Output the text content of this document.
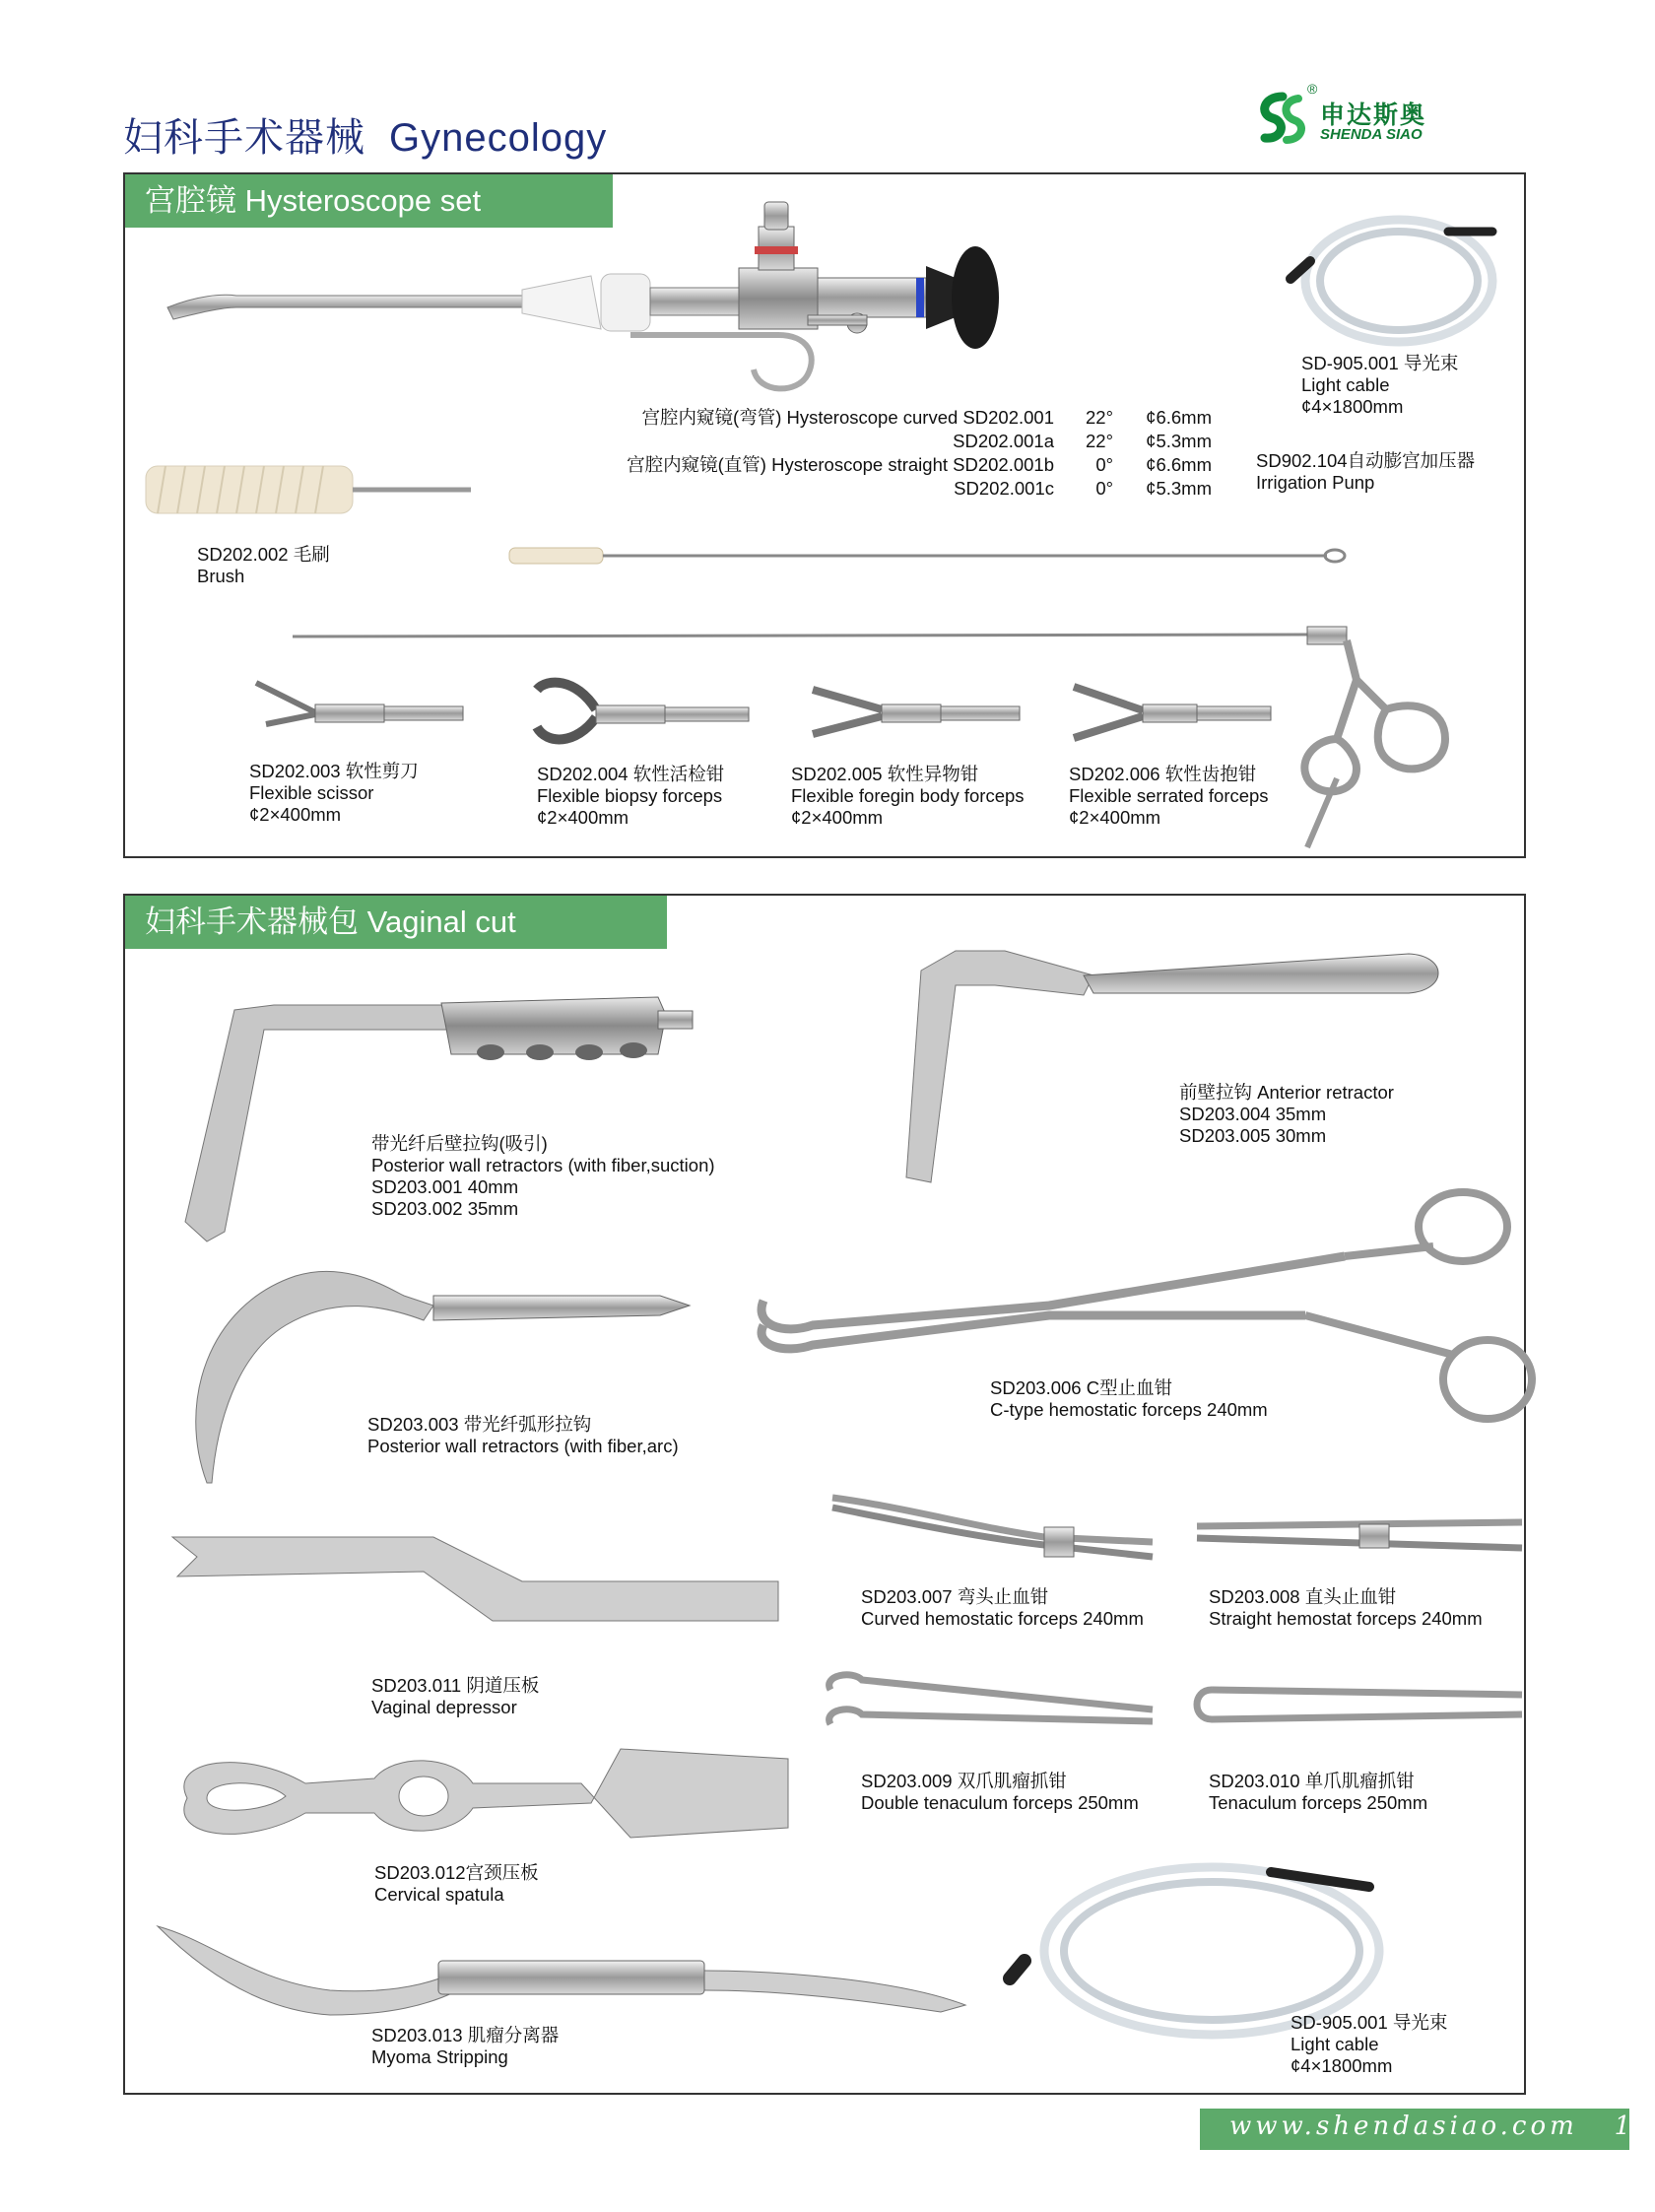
妇科手术器械 Gynecology
®
申达斯奥
SHENDA SIAO
宫腔镜 Hysteroscope set
宫腔内窥镜(弯管) Hysteroscope curved SD202.001	22°	¢6.6mm
SD202.001a	22°	¢5.3mm
宫腔内窥镜(直管) Hysteroscope straight SD202.001b	0°	¢6.6mm
SD202.001c	0°	¢5.3mm
SD-905.001 导光束
Light cable
¢4×1800mm
SD902.104自动膨宫加压器
Irrigation Punp
SD202.002 毛刷
Brush
SD202.003 软性剪刀
Flexible scissor
¢2×400mm
SD202.004 软性活检钳
Flexible biopsy forceps
¢2×400mm
SD202.005 软性异物钳
Flexible foregin body forceps
¢2×400mm
SD202.006 软性齿抱钳
Flexible serrated forceps
¢2×400mm
妇科手术器械包 Vaginal cut
带光纤后壁拉钩(吸引)
Posterior wall retractors (with fiber,suction)
SD203.001 40mm
SD203.002 35mm
前壁拉钩 Anterior retractor
SD203.004 35mm
SD203.005 30mm
SD203.003 带光纤弧形拉钩
Posterior wall retractors (with fiber,arc)
SD203.006 C型止血钳
C-type hemostatic forceps 240mm
SD203.007 弯头止血钳
Curved hemostatic forceps 240mm
SD203.008 直头止血钳
Straight hemostat forceps 240mm
SD203.011 阴道压板
Vaginal depressor
SD203.009 双爪肌瘤抓钳
Double tenaculum forceps 250mm
SD203.010 单爪肌瘤抓钳
Tenaculum forceps 250mm
SD203.012宫颈压板
Cervical spatula
SD203.013 肌瘤分离器
Myoma Stripping
SD-905.001 导光束
Light cable
¢4×1800mm
www.shendasiao.com 19
